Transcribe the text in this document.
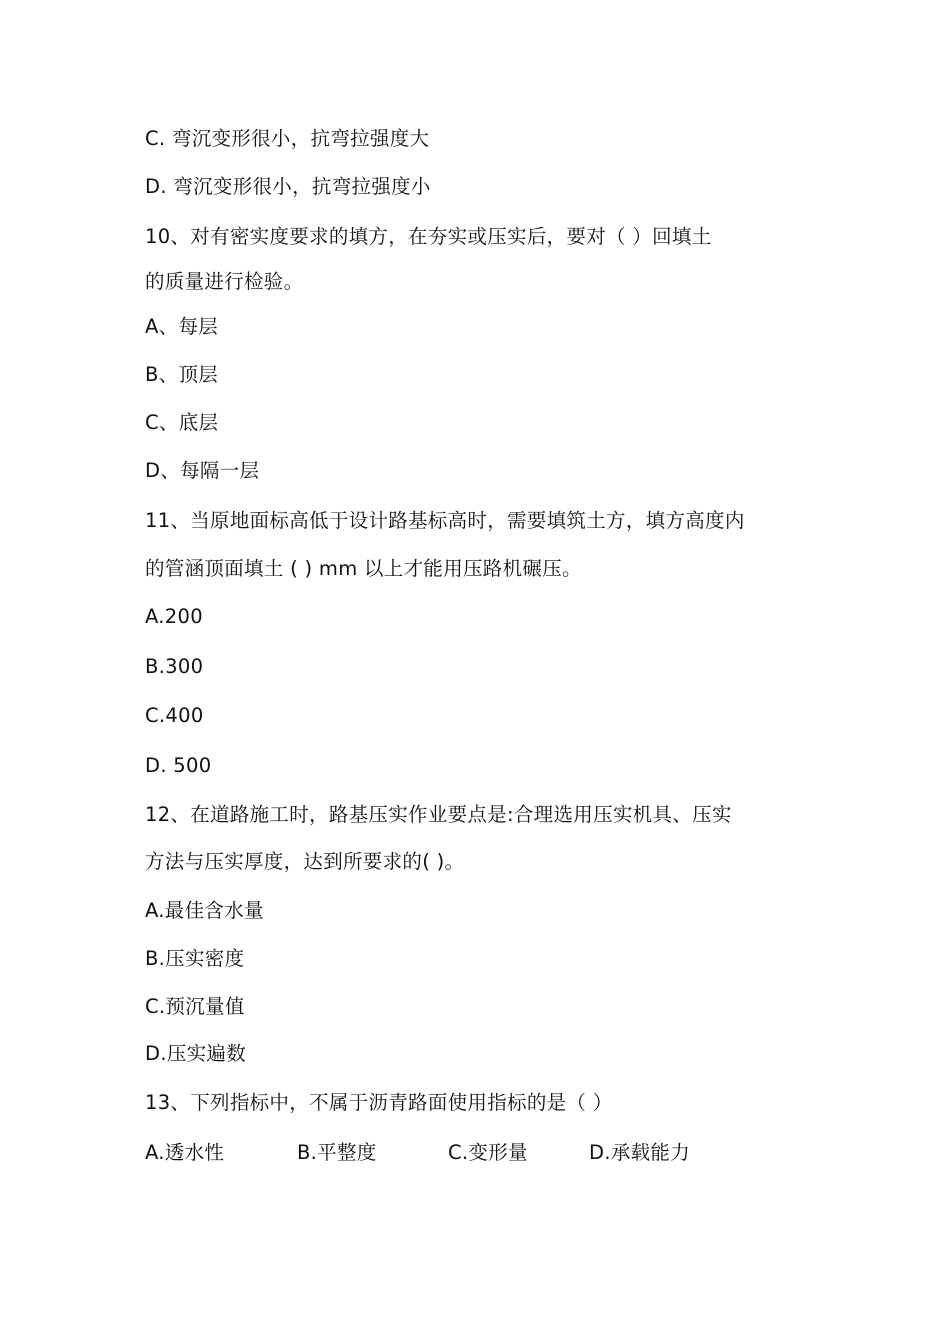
C. 弯沉变形很小，抗弯拉强度大
D. 弯沉变形很小，抗弯拉强度小
10、对有密实度要求的填方，在夯实或压实后，要对（ ）回填土
的质量进行检验。
A、每层
B、顶层
C、底层
D、每隔一层
11、当原地面标高低于设计路基标高时，需要填筑土方，填方高度内
的管涵顶面填土 ( ) mm 以上才能用压路机碾压。
A.200
B.300
C.400
D. 500
12、在道路施工时，路基压实作业要点是:合理选用压实机具、压实
方法与压实厚度，达到所要求的( )。
A.最佳含水量
B.压实密度
C.预沉量值
D.压实遍数
13、下列指标中，不属于沥青路面使用指标的是（ ）
A.透水性	B.平整度	C.变形量	D.承载能力
